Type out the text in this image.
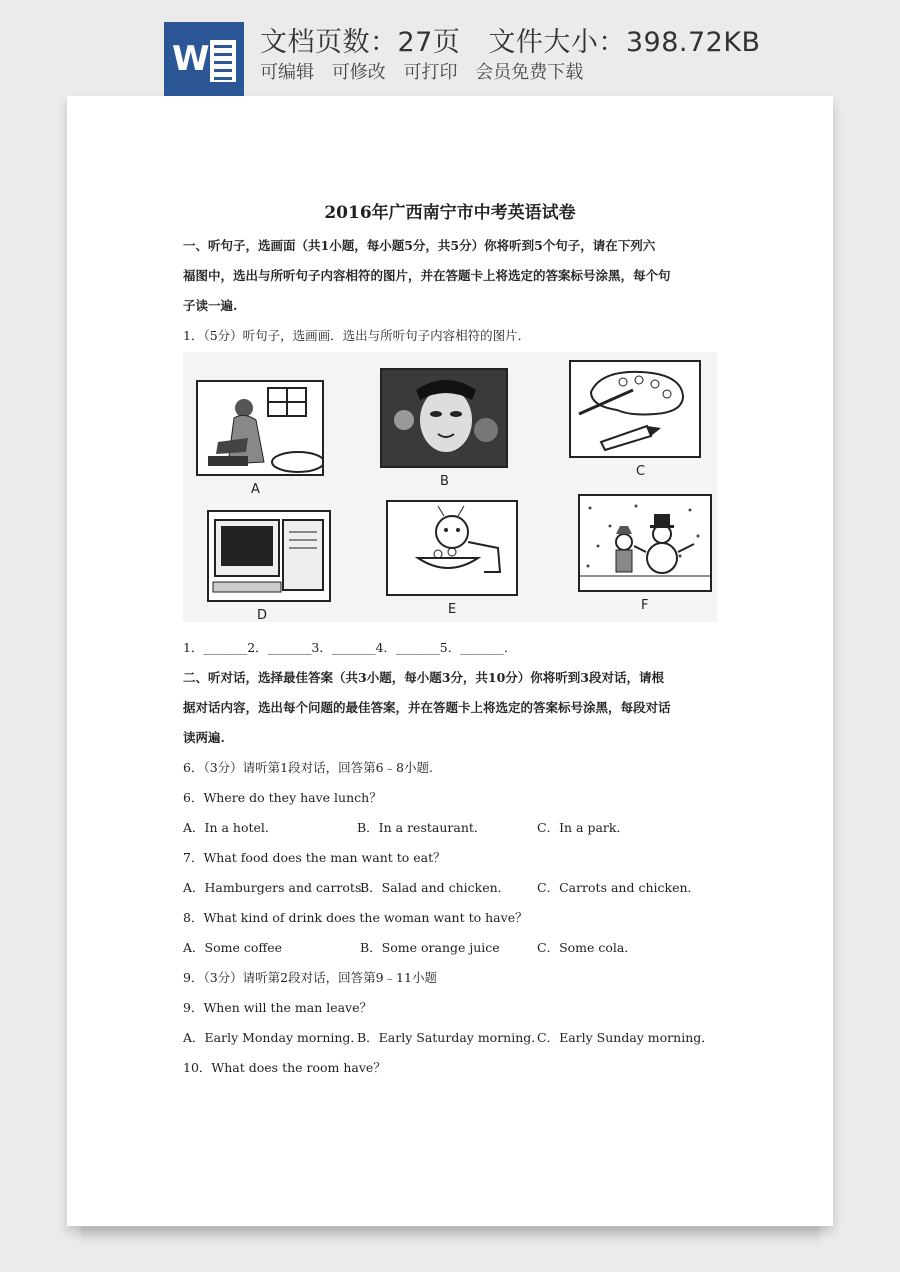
W 文档页数：27页 文件大小：398.72KB
可编辑 可修改 可打印 会员免费下载
2016年广西南宁市中考英语试卷
一、听句子，选画面（共1小题，每小题5分，共5分）你将听到5个句子，请在下列六
福图中，选出与所听句子内容相符的图片，并在答题卡上将选定的答案标号涂黑，每个句
子读一遍.
1．（5分）听句子，选画画．选出与所听句子内容相符的图片．
A
B
C
D	E	F
1．_______2．_______3．_______4．_______5．_______．
二、听对话，选择最佳答案（共3小题，每小题3分，共10分）你将听到3段对话，请根
据对话内容，选出每个问题的最佳答案，并在答题卡上将选定的答案标号涂黑，每段对话
读两遍.
6．（3分）请听第1段对话，回答第6﹣8小题.
6．Where do they have lunch？
A．In a hotel．	B．In a restaurant．	C．In a park．
7．What food does the man want to eat？
A．Hamburgers and carrots．
B．Salad and chicken． C．Carrots and chicken．
8．What kind of drink does the woman want to have？
A．Some coffee	B．Some orange juice	C．Some cola．
9．（3分）请听第2段对话，回答第9﹣11小题
9．When will the man leave？
A．Early Monday morning．
B．Early Saturday morning．
C．Early Sunday morning．
10．What does the room have？
